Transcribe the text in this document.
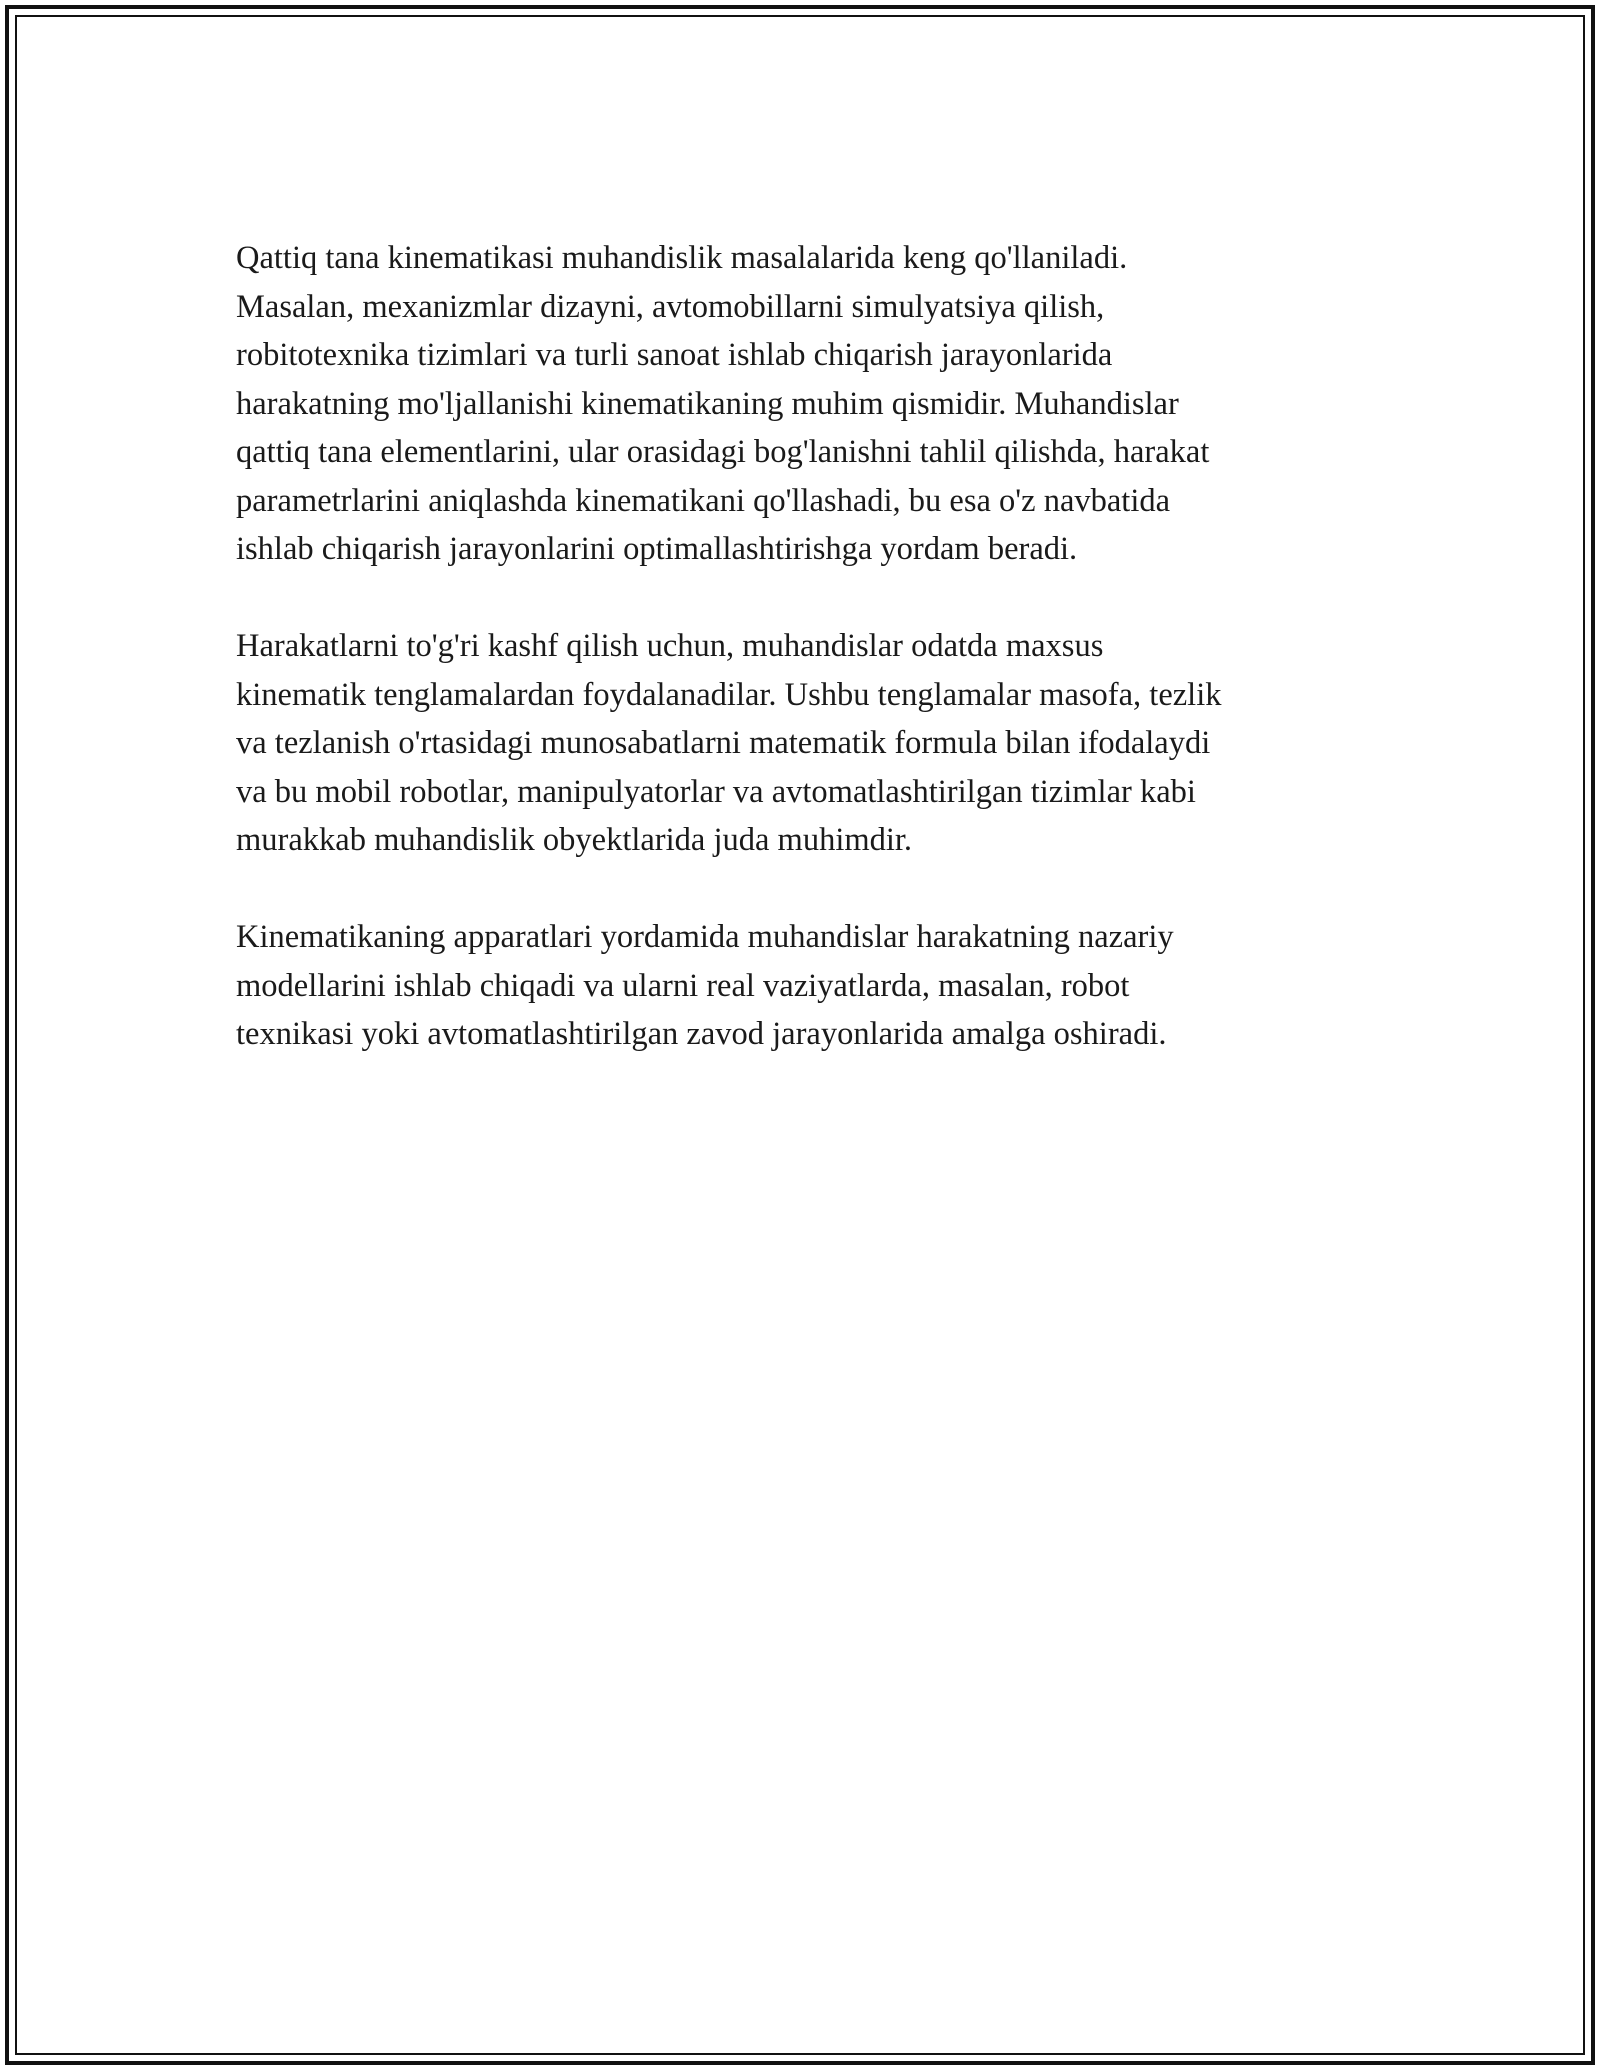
Qattiq tana kinematikasi muhandislik masalalarida keng qo'llaniladi.
Masalan, mexanizmlar dizayni, avtomobillarni simulyatsiya qilish,
robitotexnika tizimlari va turli sanoat ishlab chiqarish jarayonlarida
harakatning mo'ljallanishi kinematikaning muhim qismidir. Muhandislar
qattiq tana elementlarini, ular orasidagi bog'lanishni tahlil qilishda, harakat
parametrlarini aniqlashda kinematikani qo'llashadi, bu esa o'z navbatida
ishlab chiqarish jarayonlarini optimallashtirishga yordam beradi.

Harakatlarni to'g'ri kashf qilish uchun, muhandislar odatda maxsus
kinematik tenglamalardan foydalanadilar. Ushbu tenglamalar masofa, tezlik
va tezlanish o'rtasidagi munosabatlarni matematik formula bilan ifodalaydi
va bu mobil robotlar, manipulyatorlar va avtomatlashtirilgan tizimlar kabi
murakkab muhandislik obyektlarida juda muhimdir.

Kinematikaning apparatlari yordamida muhandislar harakatning nazariy
modellarini ishlab chiqadi va ularni real vaziyatlarda, masalan, robot
texnikasi yoki avtomatlashtirilgan zavod jarayonlarida amalga oshiradi.
